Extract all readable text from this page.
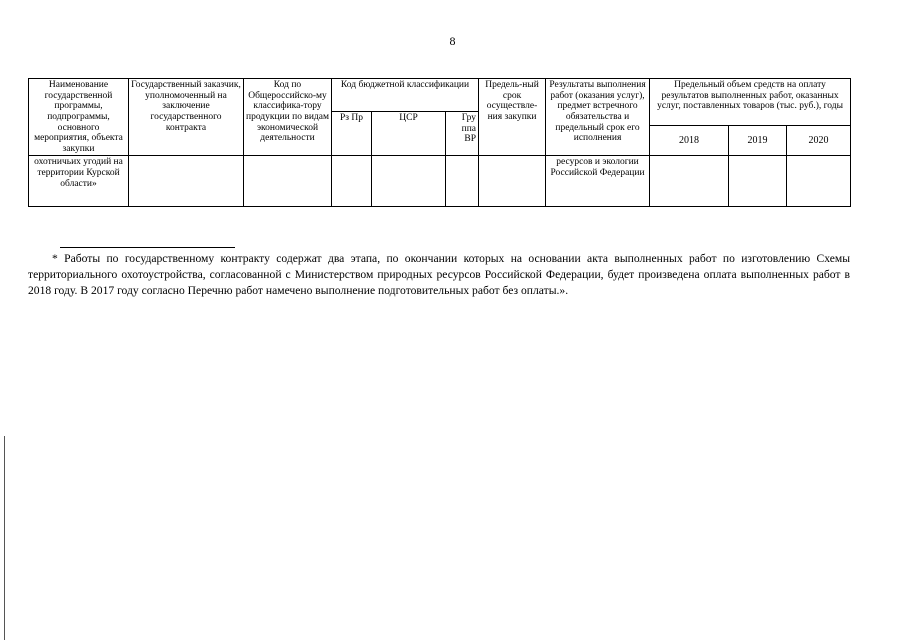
8
Наименование государственной программы, подпрограммы, основного мероприятия, объекта закупки	Государственный заказчик, уполномоченный на заключение государственного контракта	Код по Общероссийско-му классифика-тору продукции по видам экономической деятельности	Код бюджетной классификации			Предель-ный срок осуществле-ния закупки	Результаты выполнения работ (оказания услуг), предмет встречного обязательства и предельный срок его исполнения	Предельный объем средств на оплату результатов выполненных работ, оказанных услуг, поставленных товаров (тыс. руб.), годы		
			Рз Пр	ЦСР	Гру ппа ВР					
								2018	2019	2020
охотничьих угодий на территории Курской области»							ресурсов и экологии Российской Федерации			
* Работы по государственному контракту содержат два этапа, по окончании которых на основании акта выполненных работ по изготовлению Схемы территориального охотоустройства, согласованной с Министерством природных ресурсов Российской Федерации, будет произведена оплата выполненных работ в 2018 году. В 2017 году согласно Перечню работ намечено выполнение подготовительных работ без оплаты.».
